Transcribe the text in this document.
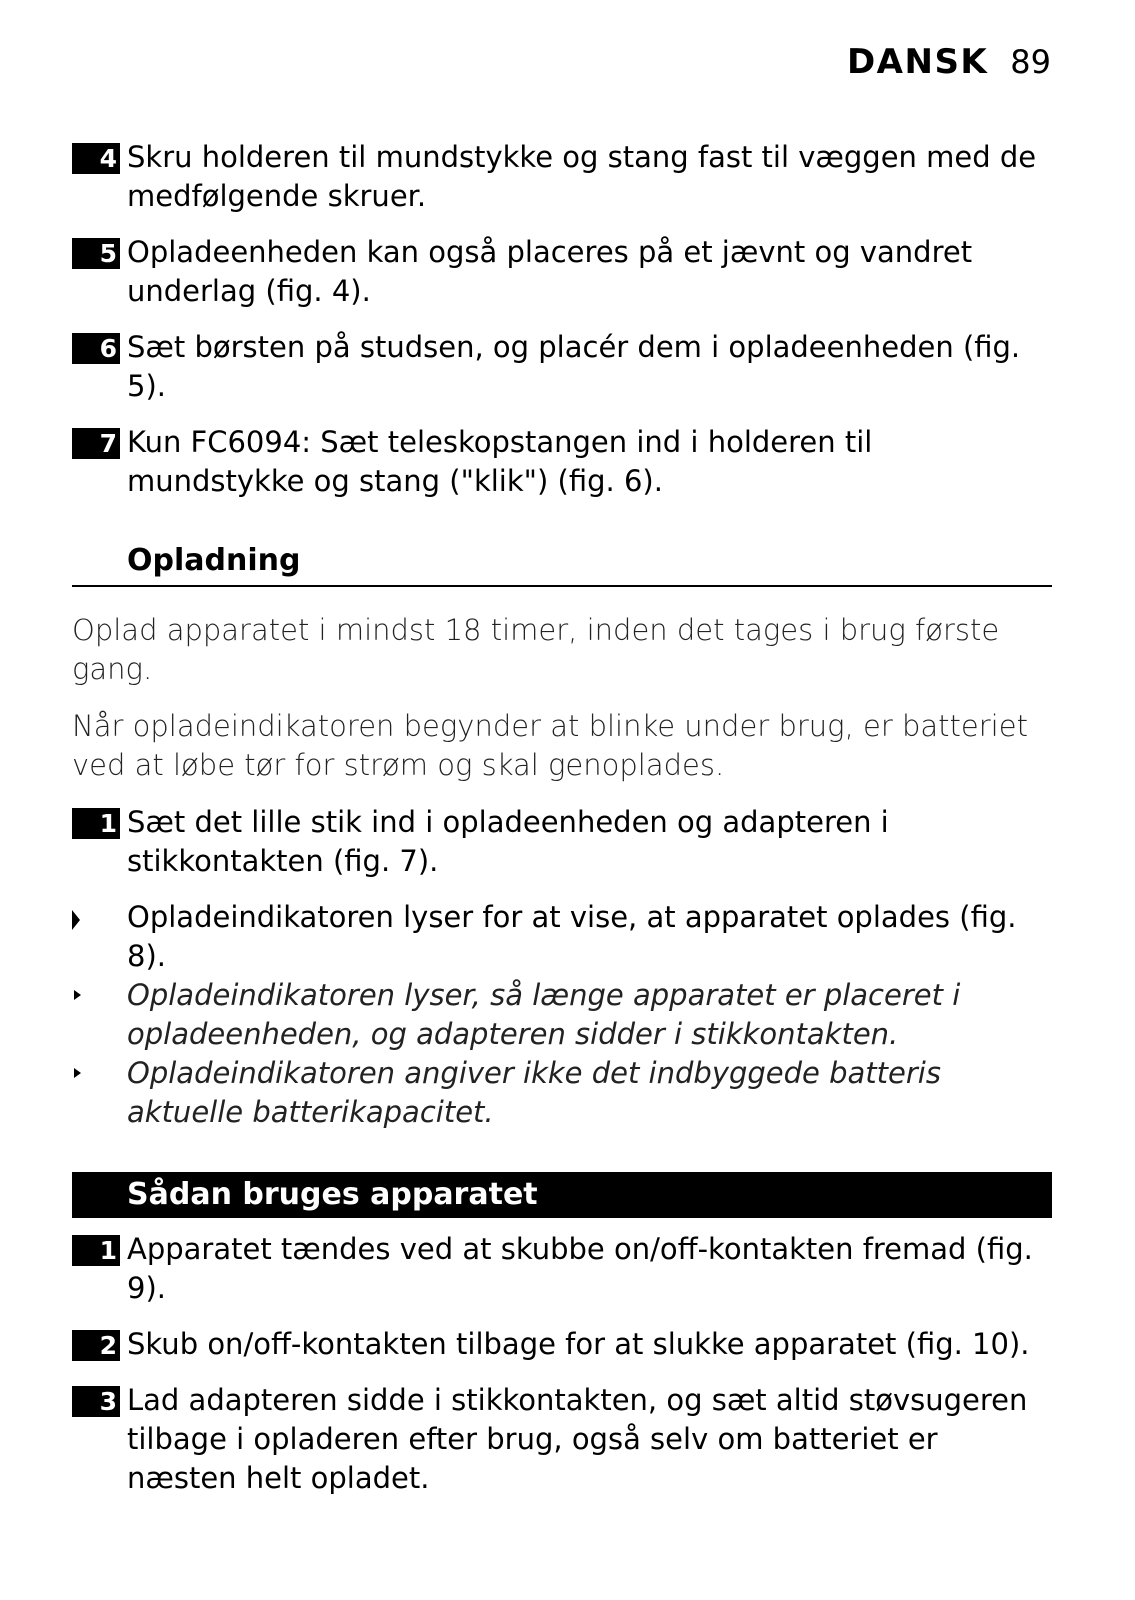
DANSK 89
4 Skru holderen til mundstykke og stang fast til væggen med de medfølgende skruer.
5 Opladeenheden kan også placeres på et jævnt og vandret underlag (fig. 4).
6 Sæt børsten på studsen, og placér dem i opladeenheden (fig. 5).
7 Kun FC6094: Sæt teleskopstangen ind i holderen til mundstykke og stang ("klik") (fig. 6).
Opladning
Oplad apparatet i mindst 18 timer, inden det tages i brug første gang.
Når opladeindikatoren begynder at blinke under brug, er batteriet ved at løbe tør for strøm og skal genoplades.
1 Sæt det lille stik ind i opladeenheden og adapteren i stikkontakten (fig. 7).
Opladeindikatoren lyser for at vise, at apparatet oplades (fig. 8).
Opladeindikatoren lyser, så længe apparatet er placeret i opladeenheden, og adapteren sidder i stikkontakten.
Opladeindikatoren angiver ikke det indbyggede batteris aktuelle batterikapacitet.
Sådan bruges apparatet
1 Apparatet tændes ved at skubbe on/off-kontakten fremad (fig. 9).
2 Skub on/off-kontakten tilbage for at slukke apparatet (fig. 10).
3 Lad adapteren sidde i stikkontakten, og sæt altid støvsugeren tilbage i opladeren efter brug, også selv om batteriet er næsten helt opladet.
